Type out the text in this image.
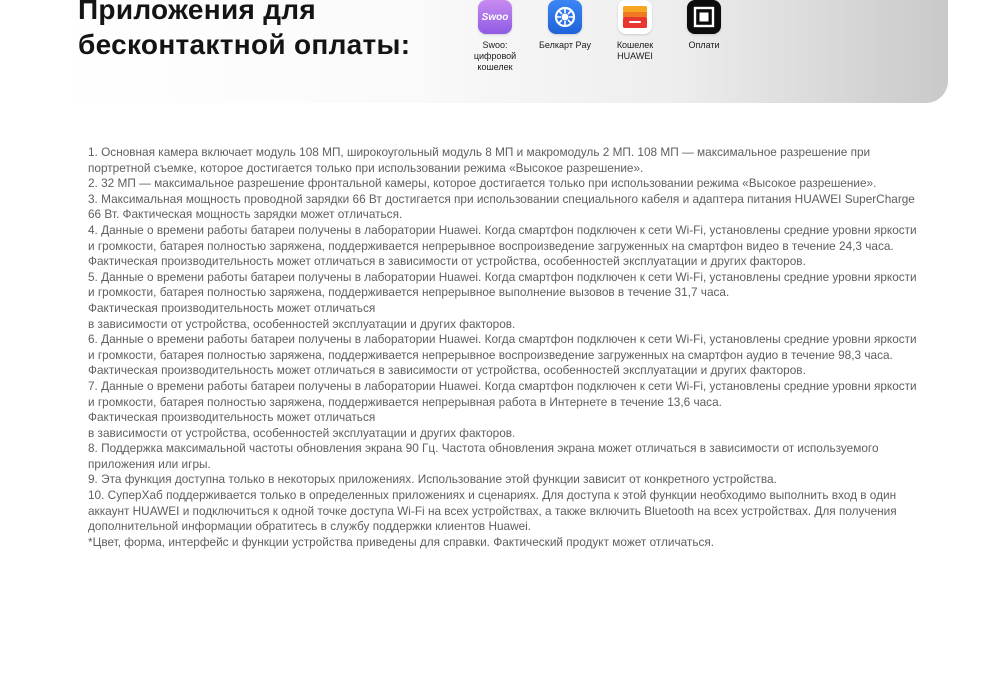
Приложения для
бесконтактной оплаты:
Swoo
Swoo:
цифровой
кошелек
Белкарт Pay	Кошелек
HUAWEI
Оплати

1. Основная камера включает модуль 108 МП, широкоугольный модуль 8 МП и макромодуль 2 МП. 108 МП — максимальное разрешение при портретной съемке, которое достигается только при использовании режима «Высокое разрешение».

2. 32 МП — максимальное разрешение фронтальной камеры, которое достигается только при использовании режима «Высокое разрешение».

3. Максимальная мощность проводной зарядки 66 Вт достигается при использовании специального кабеля и адаптера питания HUAWEI SuperCharge 66 Вт. Фактическая мощность зарядки может отличаться.

4. Данные о времени работы батареи получены в лаборатории Huawei. Когда смартфон подключен к сети Wi-Fi, установлены средние уровни яркости и громкости, батарея полностью заряжена, поддерживается непрерывное воспроизведение загруженных на смартфон видео в течение 24,3 часа. Фактическая производительность может отличаться в зависимости от устройства, особенностей эксплуатации и других факторов.

5. Данные о времени работы батареи получены в лаборатории Huawei. Когда смартфон подключен к сети Wi-Fi, установлены средние уровни яркости и громкости, батарея полностью заряжена, поддерживается непрерывное выполнение вызовов в течение 31,7 часа.

Фактическая производительность может отличаться

в зависимости от устройства, особенностей эксплуатации и других факторов.

6. Данные о времени работы батареи получены в лаборатории Huawei. Когда смартфон подключен к сети Wi-Fi, установлены средние уровни яркости и громкости, батарея полностью заряжена, поддерживается непрерывное воспроизведение загруженных на смартфон аудио в течение 98,3 часа. Фактическая производительность может отличаться в зависимости от устройства, особенностей эксплуатации и других факторов.

7. Данные о времени работы батареи получены в лаборатории Huawei. Когда смартфон подключен к сети Wi-Fi, установлены средние уровни яркости и громкости, батарея полностью заряжена, поддерживается непрерывная работа в Интернете в течение 13,6 часа.

Фактическая производительность может отличаться

в зависимости от устройства, особенностей эксплуатации и других факторов.

8. Поддержка максимальной частоты обновления экрана 90 Гц. Частота обновления экрана может отличаться в зависимости от используемого приложения или игры.

9. Эта функция доступна только в некоторых приложениях. Использование этой функции зависит от конкретного устройства.

10. СуперХаб поддерживается только в определенных приложениях и сценариях. Для доступа к этой функции необходимо выполнить вход в один аккаунт HUAWEI и подключиться к одной точке доступа Wi-Fi на всех устройствах, а также включить Bluetooth на всех устройствах. Для получения дополнительной информации обратитесь в службу поддержки клиентов Huawei.

*Цвет, форма, интерфейс и функции устройства приведены для справки. Фактический продукт может отличаться.
